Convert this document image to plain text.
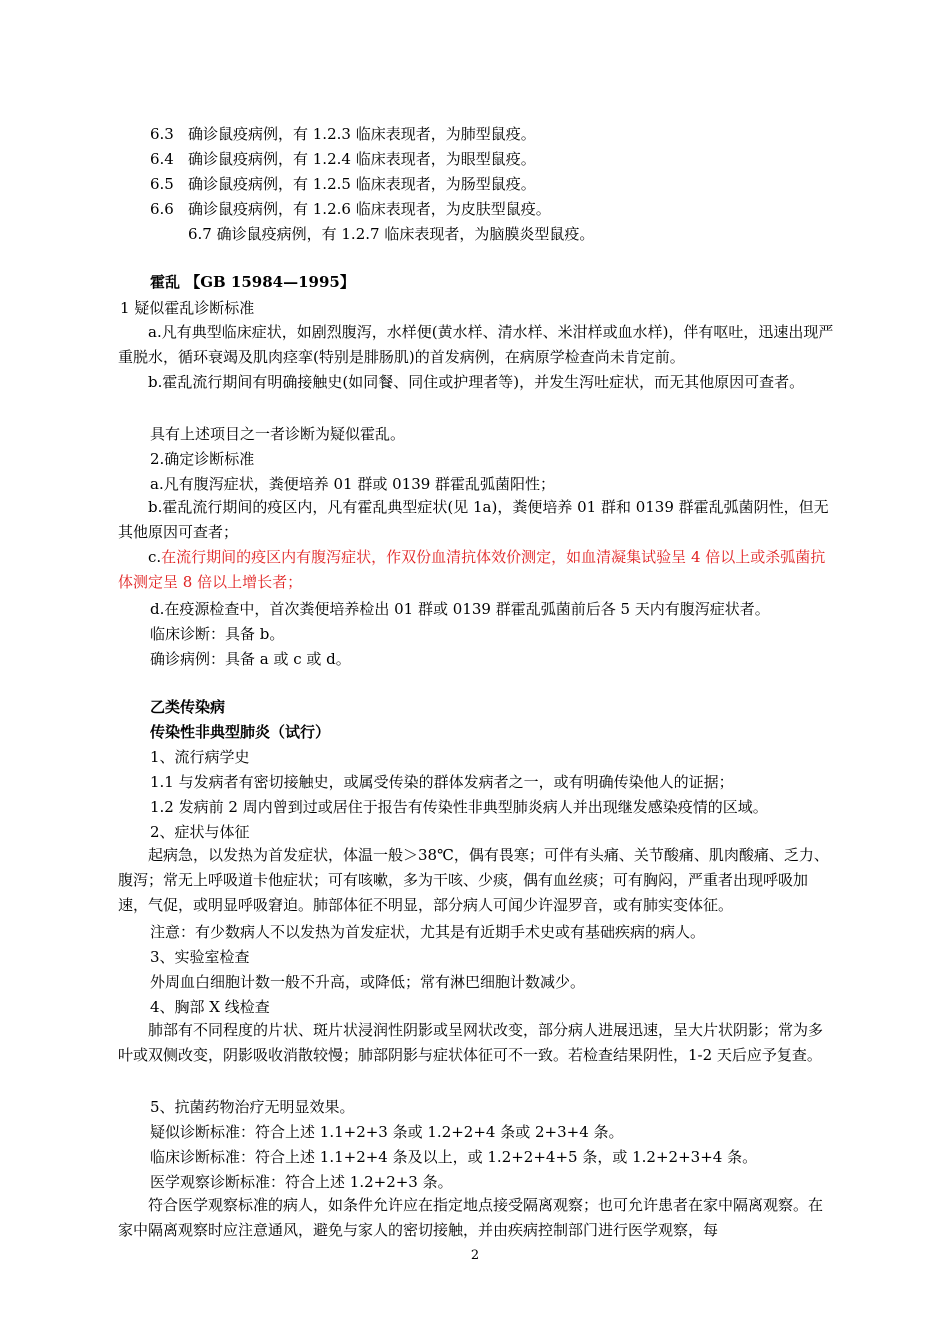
6.3 确诊鼠疫病例，有 1.2.3 临床表现者，为肺型鼠疫。
6.4 确诊鼠疫病例，有 1.2.4 临床表现者，为眼型鼠疫。
6.5 确诊鼠疫病例，有 1.2.5 临床表现者，为肠型鼠疫。
6.6 确诊鼠疫病例，有 1.2.6 临床表现者，为皮肤型鼠疫。
6.7 确诊鼠疫病例，有 1.2.7 临床表现者，为脑膜炎型鼠疫。
霍乱 【GB 15984—1995】
1 疑似霍乱诊断标准
a.凡有典型临床症状，如剧烈腹泻，水样便(黄水样、清水样、米泔样或血水样)，伴有呕吐，迅速出现严重脱水，循环衰竭及肌肉痉挛(特别是腓肠肌)的首发病例，在病原学检查尚未肯定前。
b.霍乱流行期间有明确接触史(如同餐、同住或护理者等)，并发生泻吐症状，而无其他原因可查者。
具有上述项目之一者诊断为疑似霍乱。
2.确定诊断标准
a.凡有腹泻症状，粪便培养 01 群或 0139 群霍乱弧菌阳性；
b.霍乱流行期间的疫区内，凡有霍乱典型症状(见 1a)，粪便培养 01 群和 0139 群霍乱弧菌阴性，但无其他原因可查者；
c.在流行期间的疫区内有腹泻症状，作双份血清抗体效价测定，如血清凝集试验呈 4 倍以上或杀弧菌抗体测定呈 8 倍以上增长者；
d.在疫源检查中，首次粪便培养检出 01 群或 0139 群霍乱弧菌前后各 5 天内有腹泻症状者。
临床诊断：具备 b。
确诊病例：具备 a 或 c 或 d。
乙类传染病
传染性非典型肺炎（试行）
1、流行病学史
1.1 与发病者有密切接触史，或属受传染的群体发病者之一，或有明确传染他人的证据；
1.2 发病前 2 周内曾到过或居住于报告有传染性非典型肺炎病人并出现继发感染疫情的区域。
2、症状与体征
起病急，以发热为首发症状，体温一般＞38℃，偶有畏寒；可伴有头痛、关节酸痛、肌肉酸痛、乏力、腹泻；常无上呼吸道卡他症状；可有咳嗽，多为干咳、少痰，偶有血丝痰；可有胸闷，严重者出现呼吸加速，气促，或明显呼吸窘迫。肺部体征不明显，部分病人可闻少许湿罗音，或有肺实变体征。
注意：有少数病人不以发热为首发症状，尤其是有近期手术史或有基础疾病的病人。
3、实验室检查
外周血白细胞计数一般不升高，或降低；常有淋巴细胞计数减少。
4、胸部 X 线检查
肺部有不同程度的片状、斑片状浸润性阴影或呈网状改变，部分病人进展迅速，呈大片状阴影；常为多叶或双侧改变，阴影吸收消散较慢；肺部阴影与症状体征可不一致。若检查结果阴性，1-2 天后应予复查。
5、抗菌药物治疗无明显效果。
疑似诊断标准：符合上述 1.1+2+3 条或 1.2+2+4 条或 2+3+4 条。
临床诊断标准：符合上述 1.1+2+4 条及以上，或 1.2+2+4+5 条，或 1.2+2+3+4 条。
医学观察诊断标准：符合上述 1.2+2+3 条。
符合医学观察标准的病人，如条件允许应在指定地点接受隔离观察；也可允许患者在家中隔离观察。在家中隔离观察时应注意通风，避免与家人的密切接触，并由疾病控制部门进行医学观察，每
2
